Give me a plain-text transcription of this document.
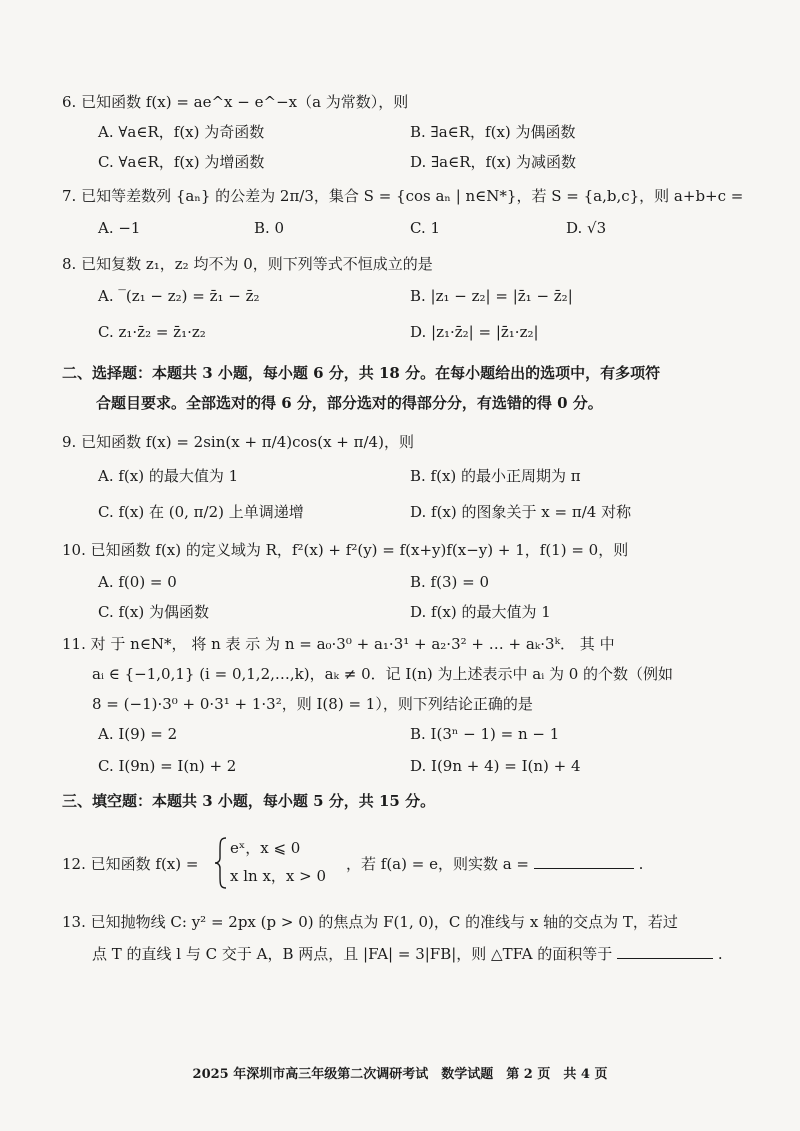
6. 已知函数 f(x) = ae^x − e^−x（a 为常数），则
A. ∀a∈R，f(x) 为奇函数	B. ∃a∈R，f(x) 为偶函数
C. ∀a∈R，f(x) 为增函数	D. ∃a∈R，f(x) 为减函数
7. 已知等差数列 {aₙ} 的公差为 2π/3，集合 S = {cos aₙ | n∈N*}，若 S = {a,b,c}，则 a+b+c =
A. −1	B. 0	C. 1	D. √3
8. 已知复数 z₁，z₂ 均不为 0，则下列等式不恒成立的是
A. ‾(z₁ − z₂) = z̄₁ − z̄₂	B. |z₁ − z₂| = |z̄₁ − z̄₂|
C. z₁·z̄₂ = z̄₁·z₂	D. |z₁·z̄₂| = |z̄₁·z₂|
二、选择题：本题共 3 小题，每小题 6 分，共 18 分。在每小题给出的选项中，有多项符
合题目要求。全部选对的得 6 分，部分选对的得部分分，有选错的得 0 分。
9. 已知函数 f(x) = 2sin(x + π/4)cos(x + π/4)，则
A. f(x) 的最大值为 1	B. f(x) 的最小正周期为 π
C. f(x) 在 (0, π/2) 上单调递增	D. f(x) 的图象关于 x = π/4 对称
10. 已知函数 f(x) 的定义域为 R，f²(x) + f²(y) = f(x+y)f(x−y) + 1，f(1) = 0，则
A. f(0) = 0	B. f(3) = 0
C. f(x) 为偶函数	D. f(x) 的最大值为 1
11. 对 于 n∈N*， 将 n 表 示 为 n = a₀·3⁰ + a₁·3¹ + a₂·3² + … + aₖ·3ᵏ． 其 中
aᵢ ∈ {−1,0,1} (i = 0,1,2,…,k)，aₖ ≠ 0．记 I(n) 为上述表示中 aᵢ 为 0 的个数（例如
8 = (−1)·3⁰ + 0·3¹ + 1·3²，则 I(8) = 1），则下列结论正确的是
A. I(9) = 2	B. I(3ⁿ − 1) = n − 1
C. I(9n) = I(n) + 2	D. I(9n + 4) = I(n) + 4
三、填空题：本题共 3 小题，每小题 5 分，共 15 分。
12. 已知函数 f(x) =
eˣ，x ⩽ 0
x ln x，x > 0
，若 f(a) = e，则实数 a =	.
13. 已知抛物线 C: y² = 2px (p > 0) 的焦点为 F(1, 0)，C 的准线与 x 轴的交点为 T，若过
点 T 的直线 l 与 C 交于 A，B 两点，且 |FA| = 3|FB|，则 △TFA 的面积等于	.
2025 年深圳市高三年级第二次调研考试　数学试题　第 2 页　共 4 页
